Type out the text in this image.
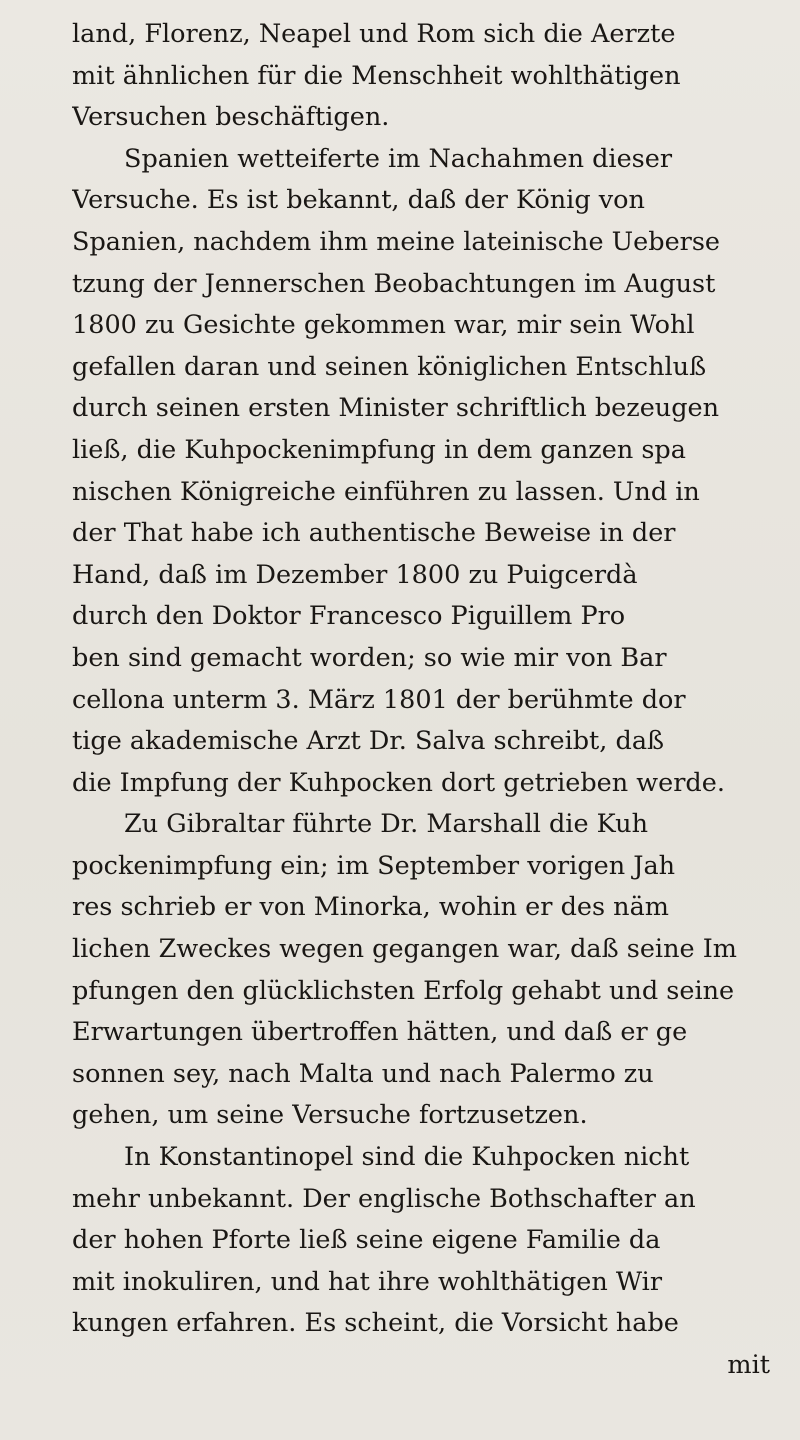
land, Florenz, Neapel und Rom sich die Aerzte
mit ähnlichen für die Menschheit wohlthätigen
Versuchen beschäftigen.
Spanien wetteiferte im Nachahmen dieser
Versuche. Es ist bekannt, daß der König von
Spanien, nachdem ihm meine lateinische Ueberse
tzung der Jennerschen Beobachtungen im August
1800 zu Gesichte gekommen war, mir sein Wohl
gefallen daran und seinen königlichen Entschluß
durch seinen ersten Minister schriftlich bezeugen
ließ, die Kuhpockenimpfung in dem ganzen spa
nischen Königreiche einführen zu lassen. Und in
der That habe ich authentische Beweise in der
Hand, daß im Dezember 1800 zu Puigcerdà
durch den Doktor Francesco Piguillem Pro
ben sind gemacht worden; so wie mir von Bar
cellona unterm 3. März 1801 der berühmte dor
tige akademische Arzt Dr. Salva schreibt, daß
die Impfung der Kuhpocken dort getrieben werde.
Zu Gibraltar führte Dr. Marshall die Kuh
pockenimpfung ein; im September vorigen Jah
res schrieb er von Minorka, wohin er des näm
lichen Zweckes wegen gegangen war, daß seine Im
pfungen den glücklichsten Erfolg gehabt und seine
Erwartungen übertroffen hätten, und daß er ge
sonnen sey, nach Malta und nach Palermo zu
gehen, um seine Versuche fortzusetzen.
In Konstantinopel sind die Kuhpocken nicht
mehr unbekannt. Der englische Bothschafter an
der hohen Pforte ließ seine eigene Familie da
mit inokuliren, und hat ihre wohlthätigen Wir
kungen erfahren. Es scheint, die Vorsicht habe
mit
